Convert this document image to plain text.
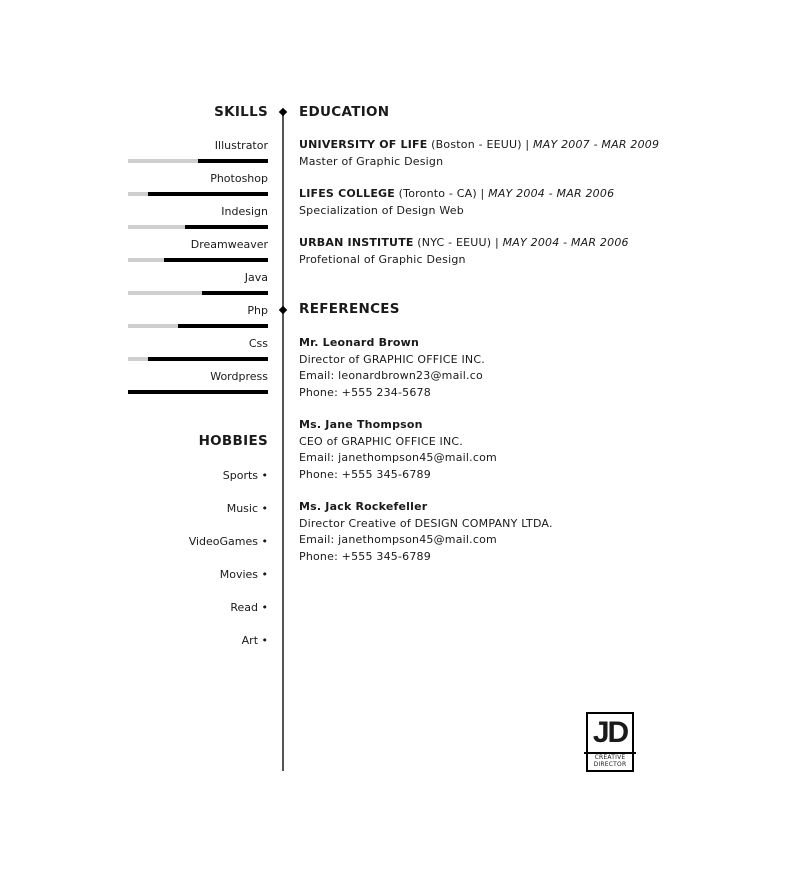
SKILLS
Illustrator
Photoshop
Indesign
Dreamweaver
Java
Php
Css
Wordpress
HOBBIES
Sports •
Music •
VideoGames •
Movies •
Read •
Art •
EDUCATION
UNIVERSITY OF LIFE (Boston - EEUU) | MAY 2007 - MAR 2009
Master of Graphic Design
LIFES COLLEGE (Toronto - CA) | MAY 2004 - MAR 2006
Specialization of Design Web
URBAN INSTITUTE (NYC - EEUU) | MAY 2004 - MAR 2006
Profetional of Graphic Design
REFERENCES
Mr. Leonard Brown
Director of GRAPHIC OFFICE INC.
Email: leonardbrown23@mail.co
Phone: +555 234-5678
Ms. Jane Thompson
CEO of GRAPHIC OFFICE INC.
Email: janethompson45@mail.com
Phone: +555 345-6789
Ms. Jack Rockefeller
Director Creative of DESIGN COMPANY LTDA.
Email: janethompson45@mail.com
Phone: +555 345-6789
JD
CREATIVE
DIRECTOR
